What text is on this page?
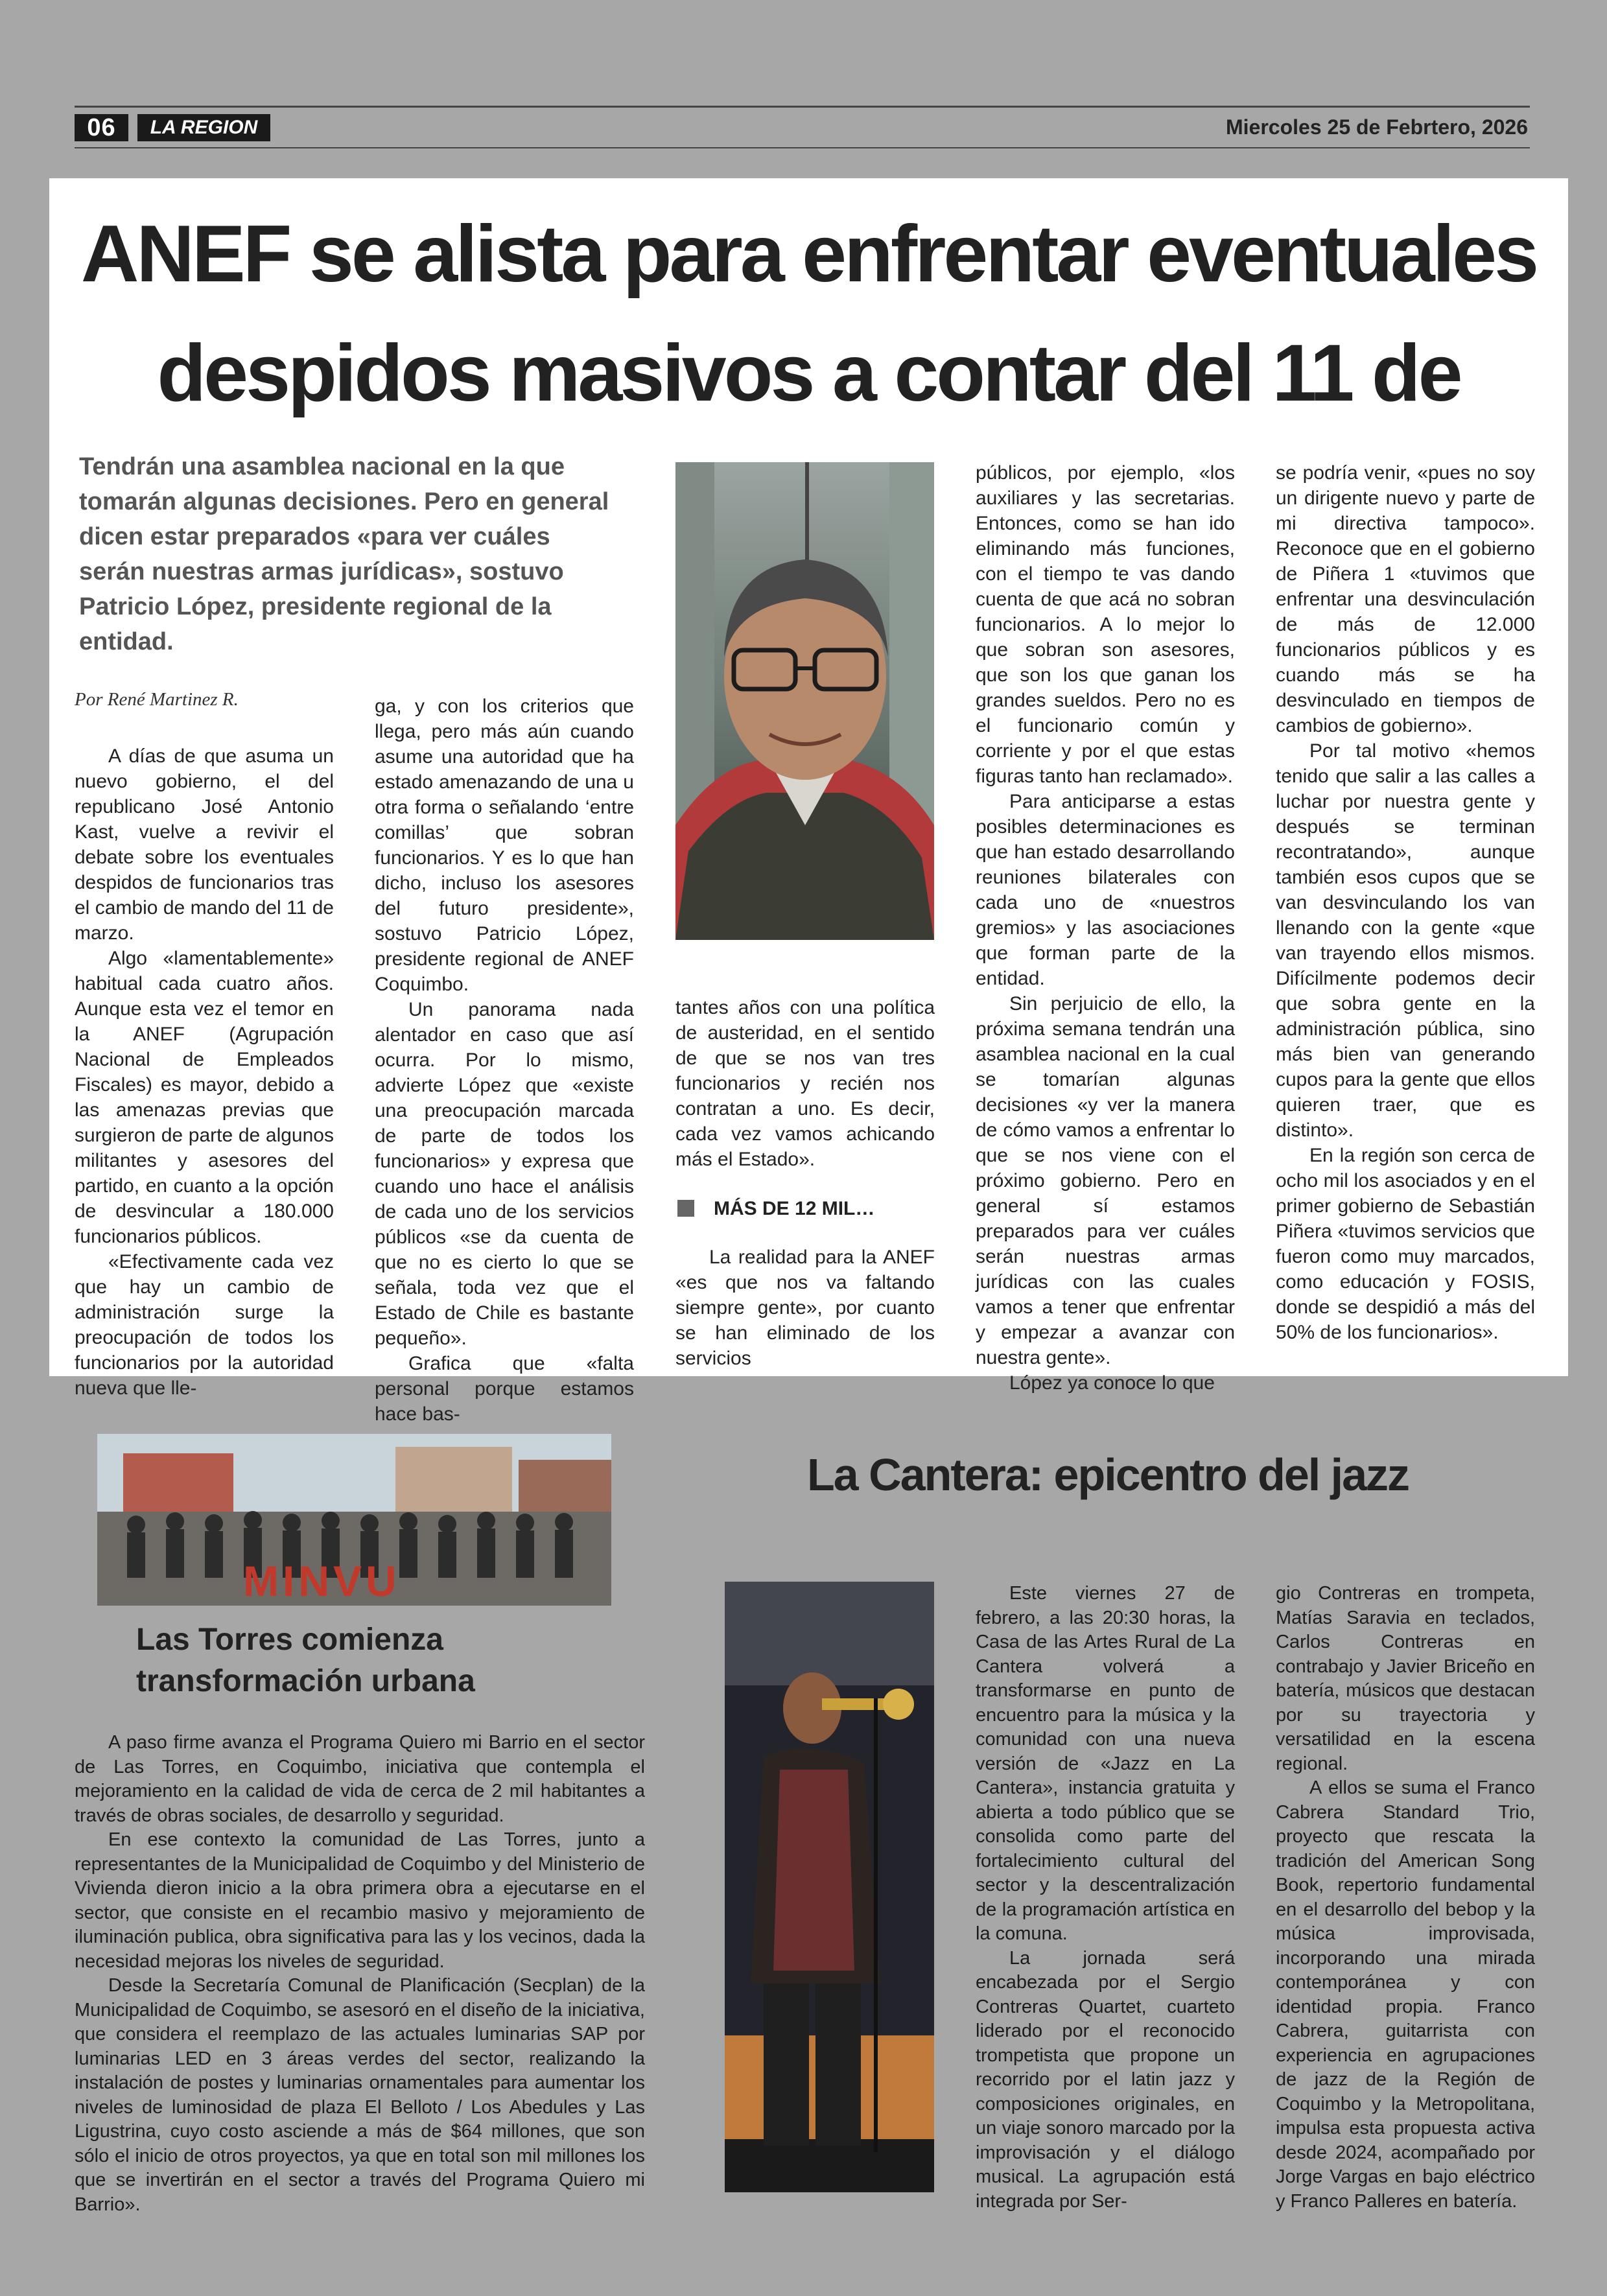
06	LA REGION	Miercoles 25 de Febrtero, 2026
ANEF se alista para enfrentar eventuales
despidos masivos a contar del 11 de
Tendrán una asamblea nacional en la que tomarán algunas decisiones. Pero en general dicen estar preparados «para ver cuáles serán nuestras armas jurídicas», sostuvo Patricio López, presidente regional de la entidad.
Por René Martinez R.

A días de que asuma un nuevo gobierno, el del republicano José Antonio Kast, vuelve a revivir el debate sobre los eventuales despidos de funcionarios tras el cambio de mando del 11 de marzo.

Algo «lamentablemente» habitual cada cuatro años. Aunque esta vez el temor en la ANEF (Agrupación Nacional de Empleados Fiscales) es mayor, debido a las amenazas previas que surgieron de parte de algunos militantes y asesores del partido, en cuanto a la opción de desvincular a 180.000 funcionarios públicos.

«Efectivamente cada vez que hay un cambio de administración surge la preocupación de todos los funcionarios por la autoridad nueva que lle-

ga, y con los criterios que llega, pero más aún cuando asume una autoridad que ha estado amenazando de una u otra forma o señalando ‘entre comillas’ que sobran funcionarios. Y es lo que han dicho, incluso los asesores del futuro presidente», sostuvo Patricio López, presidente regional de ANEF Coquimbo.

Un panorama nada alentador en caso que así ocurra. Por lo mismo, advierte López que «existe una preocupación marcada de parte de todos los funcionarios» y expresa que cuando uno hace el análisis de cada uno de los servicios públicos «se da cuenta de que no es cierto lo que se señala, toda vez que el Estado de Chile es bastante pequeño».

Grafica que «falta personal porque estamos hace bas-

tantes años con una política de austeridad, en el sentido de que se nos van tres funcionarios y recién nos contratan a uno. Es decir, cada vez vamos achicando más el Estado».

MÁS DE 12 MIL…

La realidad para la ANEF «es que nos va faltando siempre gente», por cuanto se han eliminado de los servicios

públicos, por ejemplo, «los auxiliares y las secretarias. Entonces, como se han ido eliminando más funciones, con el tiempo te vas dando cuenta de que acá no sobran funcionarios. A lo mejor lo que sobran son asesores, que son los que ganan los grandes sueldos. Pero no es el funcionario común y corriente y por el que estas figuras tanto han reclamado».

Para anticiparse a estas posibles determinaciones es que han estado desarrollando reuniones bilaterales con cada uno de «nuestros gremios» y las asociaciones que forman parte de la entidad.

Sin perjuicio de ello, la próxima semana tendrán una asamblea nacional en la cual se tomarían algunas decisiones «y ver la manera de cómo vamos a enfrentar lo que se nos viene con el próximo gobierno. Pero en general sí estamos preparados para ver cuáles serán nuestras armas jurídicas con las cuales vamos a tener que enfrentar y empezar a avanzar con nuestra gente».

López ya conoce lo que

se podría venir, «pues no soy un dirigente nuevo y parte de mi directiva tampoco». Reconoce que en el gobierno de Piñera 1 «tuvimos que enfrentar una desvinculación de más de 12.000 funcionarios públicos y es cuando más se ha desvinculado en tiempos de cambios de gobierno».

Por tal motivo «hemos tenido que salir a las calles a luchar por nuestra gente y después se terminan recontratando», aunque también esos cupos que se van desvinculando los van llenando con la gente «que van trayendo ellos mismos. Difícilmente podemos decir que sobra gente en la administración pública, sino más bien van generando cupos para la gente que ellos quieren traer, que es distinto».

En la región son cerca de ocho mil los asociados y en el primer gobierno de Sebastián Piñera «tuvimos servicios que fueron como muy marcados, como educación y FOSIS, donde se despidió a más del 50% de los funcionarios».

MINVU
Las Torres comienza
transformación urbana

A paso firme avanza el Programa Quiero mi Barrio en el sector de Las Torres, en Coquimbo, iniciativa que contempla el mejoramiento en la calidad de vida de cerca de 2 mil habitantes a través de obras sociales, de desarrollo y seguridad.

En ese contexto la comunidad de Las Torres, junto a representantes de la Municipalidad de Coquimbo y del Ministerio de Vivienda dieron inicio a la obra primera obra a ejecutarse en el sector, que consiste en el recambio masivo y mejoramiento de iluminación publica, obra significativa para las y los vecinos, dada la necesidad mejoras los niveles de seguridad.

Desde la Secretaría Comunal de Planificación (Secplan) de la Municipalidad de Coquimbo, se asesoró en el diseño de la iniciativa, que considera el reemplazo de las actuales luminarias SAP por luminarias LED en 3 áreas verdes del sector, realizando la instalación de postes y luminarias ornamentales para aumentar los niveles de luminosidad de plaza El Belloto / Los Abedules y Las Ligustrina, cuyo costo asciende a más de $64 millones, que son sólo el inicio de otros proyectos, ya que en total son mil millones los que se invertirán en el sector a través del Programa Quiero mi Barrio».

La Cantera: epicentro del jazz

Este viernes 27 de febrero, a las 20:30 horas, la Casa de las Artes Rural de La Cantera volverá a transformarse en punto de encuentro para la música y la comunidad con una nueva versión de «Jazz en La Cantera», instancia gratuita y abierta a todo público que se consolida como parte del fortalecimiento cultural del sector y la descentralización de la programación artística en la comuna.

La jornada será encabezada por el Sergio Contreras Quartet, cuarteto liderado por el reconocido trompetista que propone un recorrido por el latin jazz y composiciones originales, en un viaje sonoro marcado por la improvisación y el diálogo musical. La agrupación está integrada por Ser-

gio Contreras en trompeta, Matías Saravia en teclados, Carlos Contreras en contrabajo y Javier Briceño en batería, músicos que destacan por su trayectoria y versatilidad en la escena regional.

A ellos se suma el Franco Cabrera Standard Trio, proyecto que rescata la tradición del American Song Book, repertorio fundamental en el desarrollo del bebop y la música improvisada, incorporando una mirada contemporánea y con identidad propia. Franco Cabrera, guitarrista con experiencia en agrupaciones de jazz de la Región de Coquimbo y la Metropolitana, impulsa esta propuesta activa desde 2024, acompañado por Jorge Vargas en bajo eléctrico y Franco Palleres en batería.
